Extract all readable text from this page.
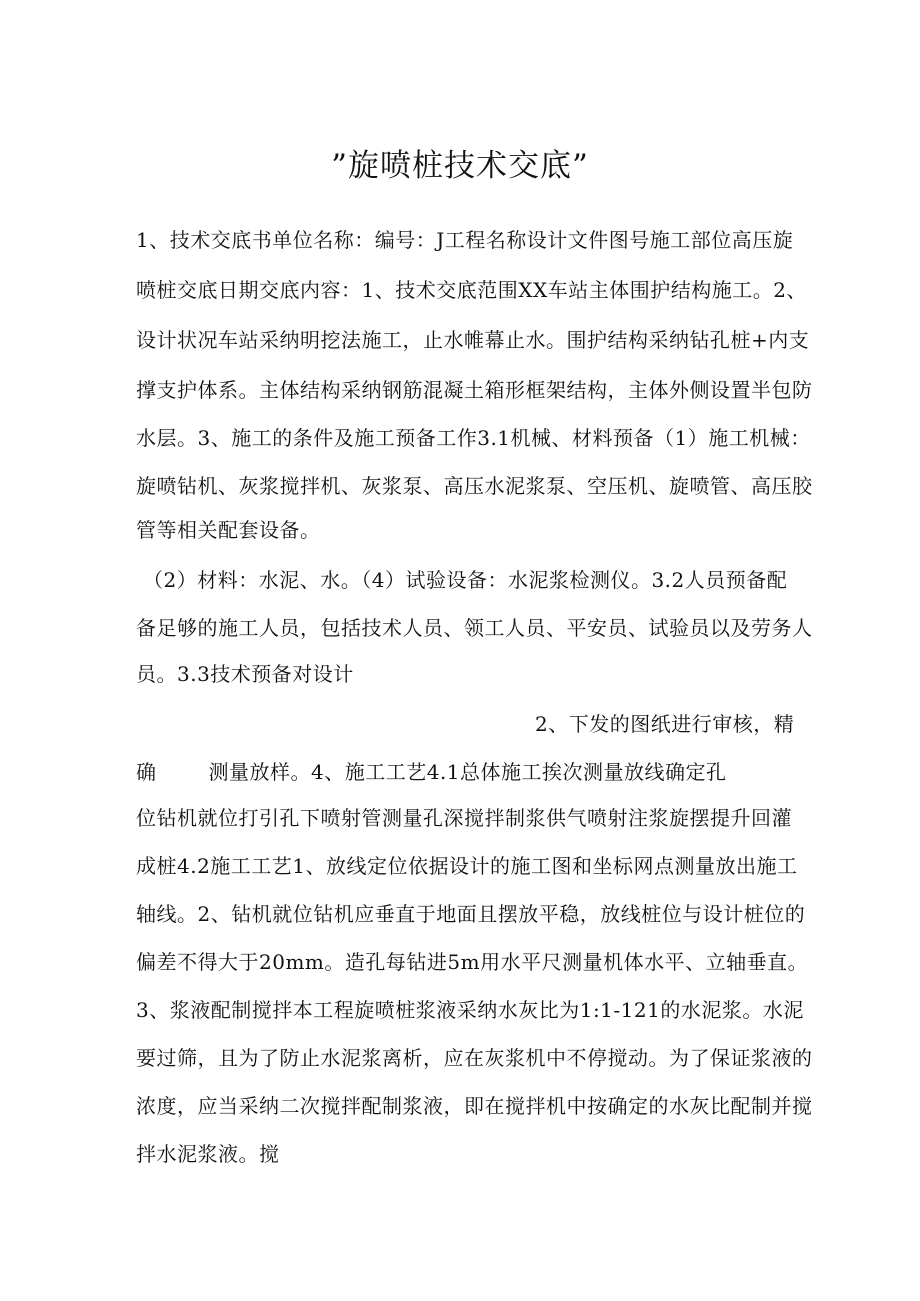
”旋喷桩技术交底”
1、技术交底书单位名称：编号：J工程名称设计文件图号施工部位高压旋
喷桩交底日期交底内容：1、技术交底范围XX车站主体围护结构施工。2、
设计状况车站采纳明挖法施工，止水帷幕止水。围护结构采纳钻孔桩+内支
撑支护体系。主体结构采纳钢筋混凝土箱形框架结构，主体外侧设置半包防
水层。3、施工的条件及施工预备工作3.1机械、材料预备（1）施工机械：
旋喷钻机、灰浆搅拌机、灰浆泵、高压水泥浆泵、空压机、旋喷管、高压胶
管等相关配套设备。
（2）材料：水泥、水。（4）试验设备：水泥浆检测仪。3.2人员预备配
备足够的施工人员，包括技术人员、领工人员、平安员、试验员以及劳务人
员。3.3技术预备对设计
2、下发的图纸进行审核，精
确	测量放样。4、施工工艺4.1总体施工挨次测量放线确定孔
位钻机就位打引孔下喷射管测量孔深搅拌制浆供气喷射注浆旋摆提升回灌
成桩4.2施工工艺1、放线定位依据设计的施工图和坐标网点测量放出施工
轴线。2、钻机就位钻机应垂直于地面且摆放平稳，放线桩位与设计桩位的
偏差不得大于20mm。造孔每钻进5m用水平尺测量机体水平、立轴垂直。
3、浆液配制搅拌本工程旋喷桩浆液采纳水灰比为1:1-121的水泥浆。水泥
要过筛，且为了防止水泥浆离析，应在灰浆机中不停搅动。为了保证浆液的
浓度，应当采纳二次搅拌配制浆液，即在搅拌机中按确定的水灰比配制并搅
拌水泥浆液。搅
